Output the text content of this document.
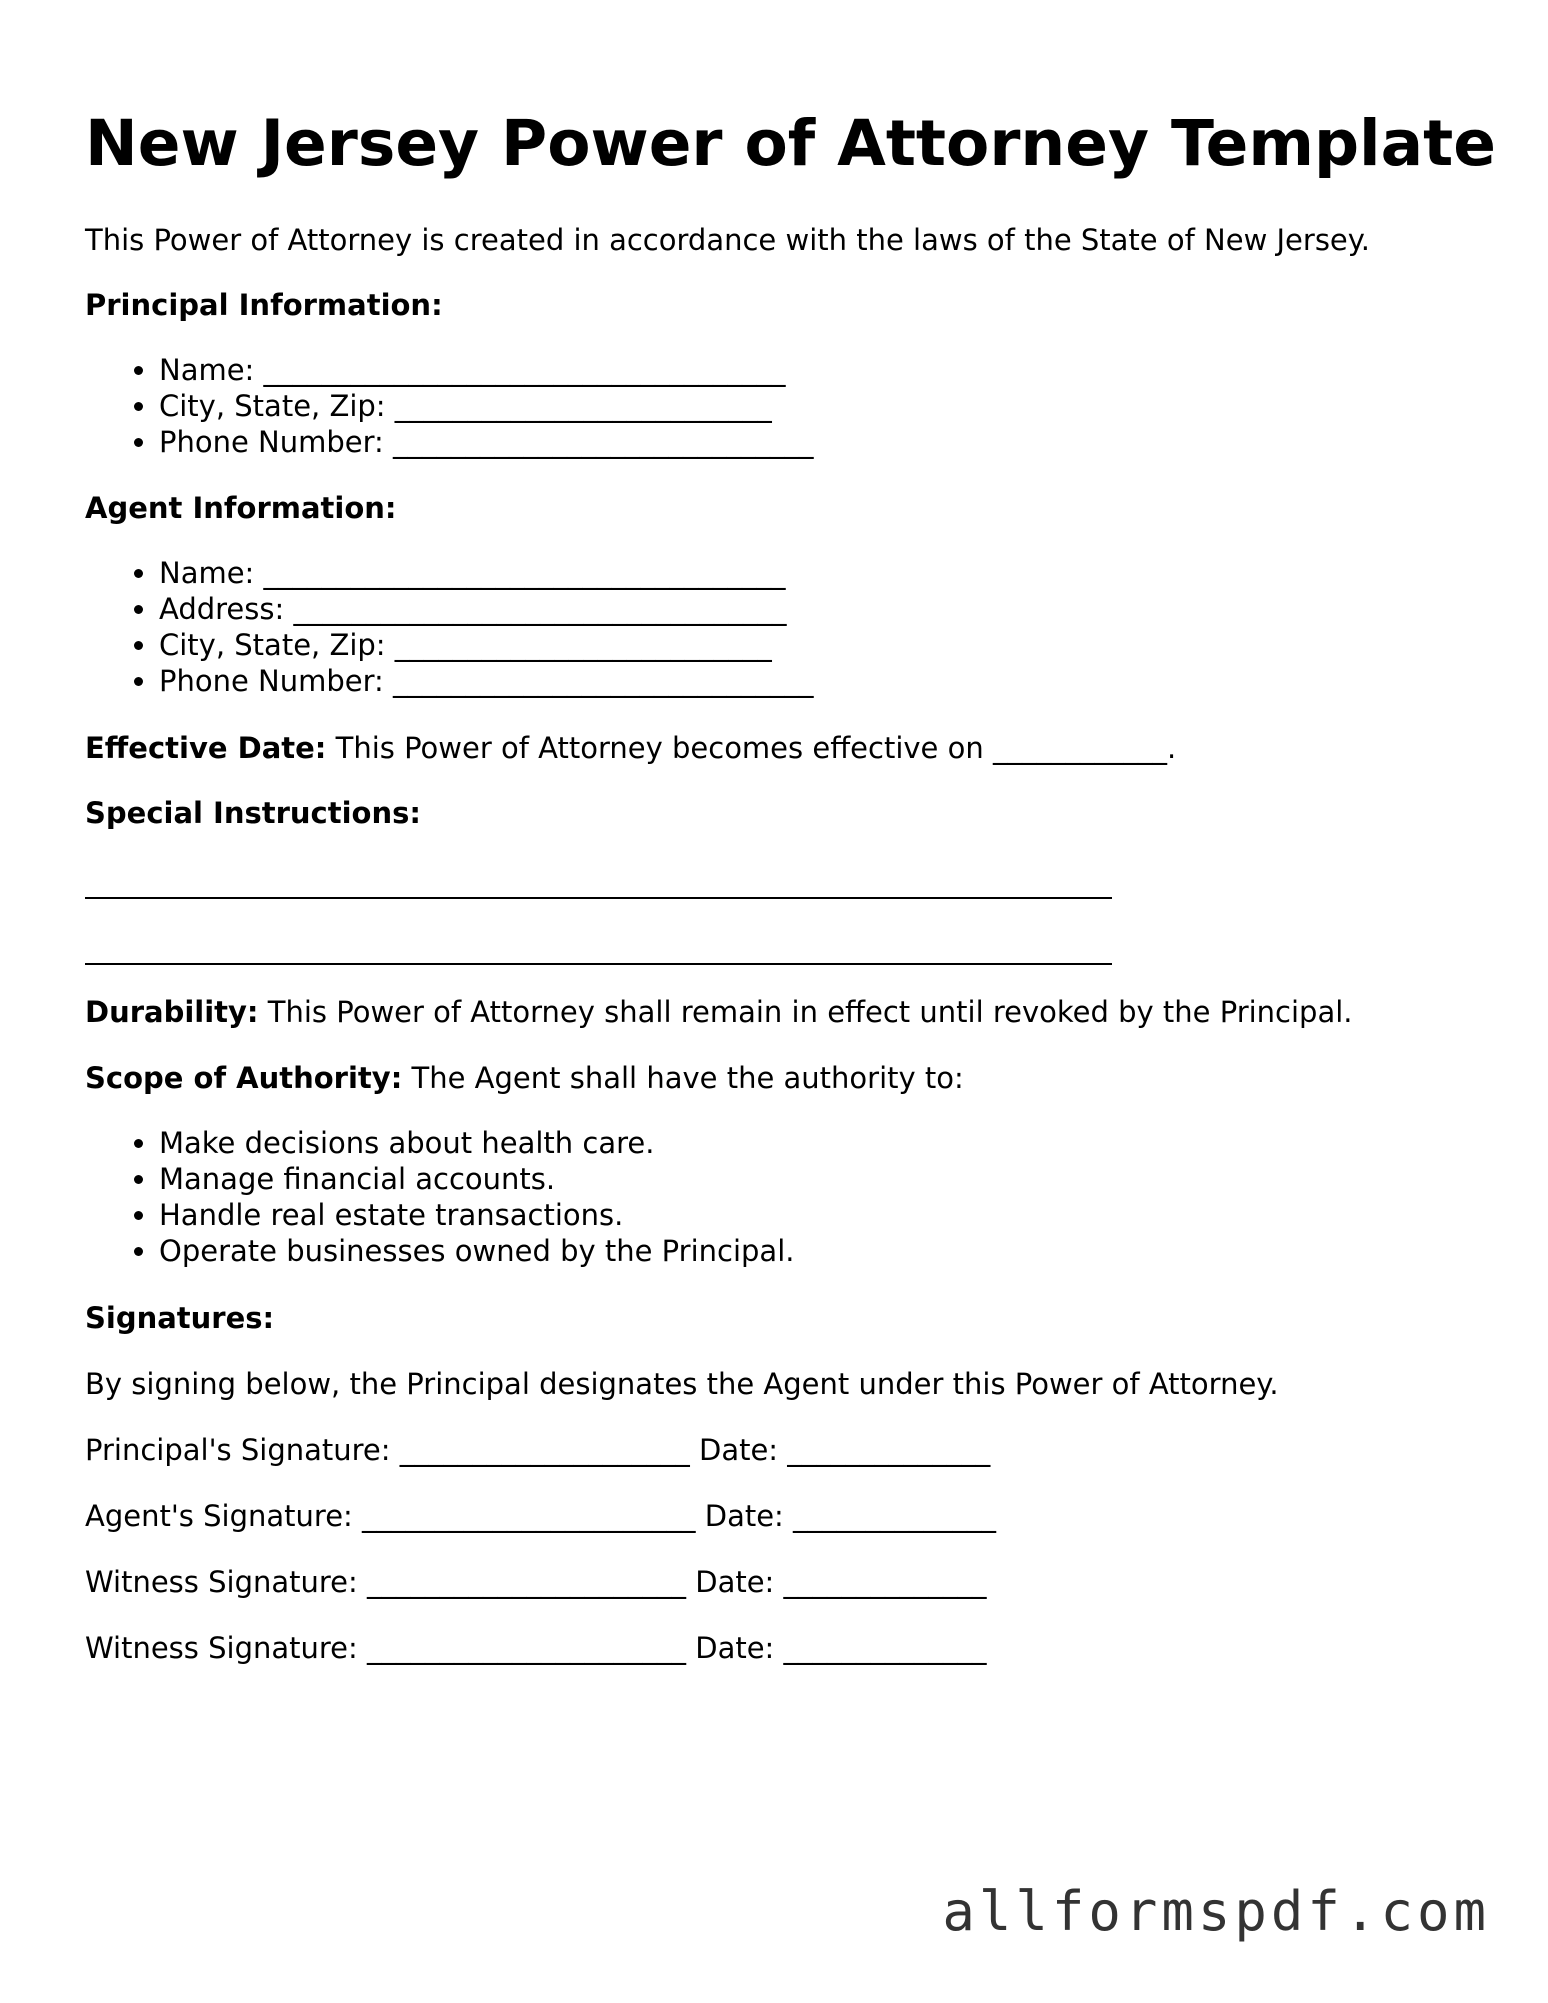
New Jersey Power of Attorney Template

This Power of Attorney is created in accordance with the laws of the State of New Jersey.

Principal Information:

• Name: ____________________________________
• City, State, Zip: __________________________
• Phone Number: _____________________________

Agent Information:

• Name: ____________________________________
• Address: __________________________________
• City, State, Zip: __________________________
• Phone Number: _____________________________

Effective Date: This Power of Attorney becomes effective on ____________.

Special Instructions:

Durability: This Power of Attorney shall remain in effect until revoked by the Principal.

Scope of Authority: The Agent shall have the authority to:

• Make decisions about health care.
• Manage financial accounts.
• Handle real estate transactions.
• Operate businesses owned by the Principal.

Signatures:

By signing below, the Principal designates the Agent under this Power of Attorney.

Principal's Signature: ____________________ Date: ______________

Agent's Signature: _______________________ Date: ______________

Witness Signature: ______________________ Date: ______________

Witness Signature: ______________________ Date: ______________

allformspdf.com
